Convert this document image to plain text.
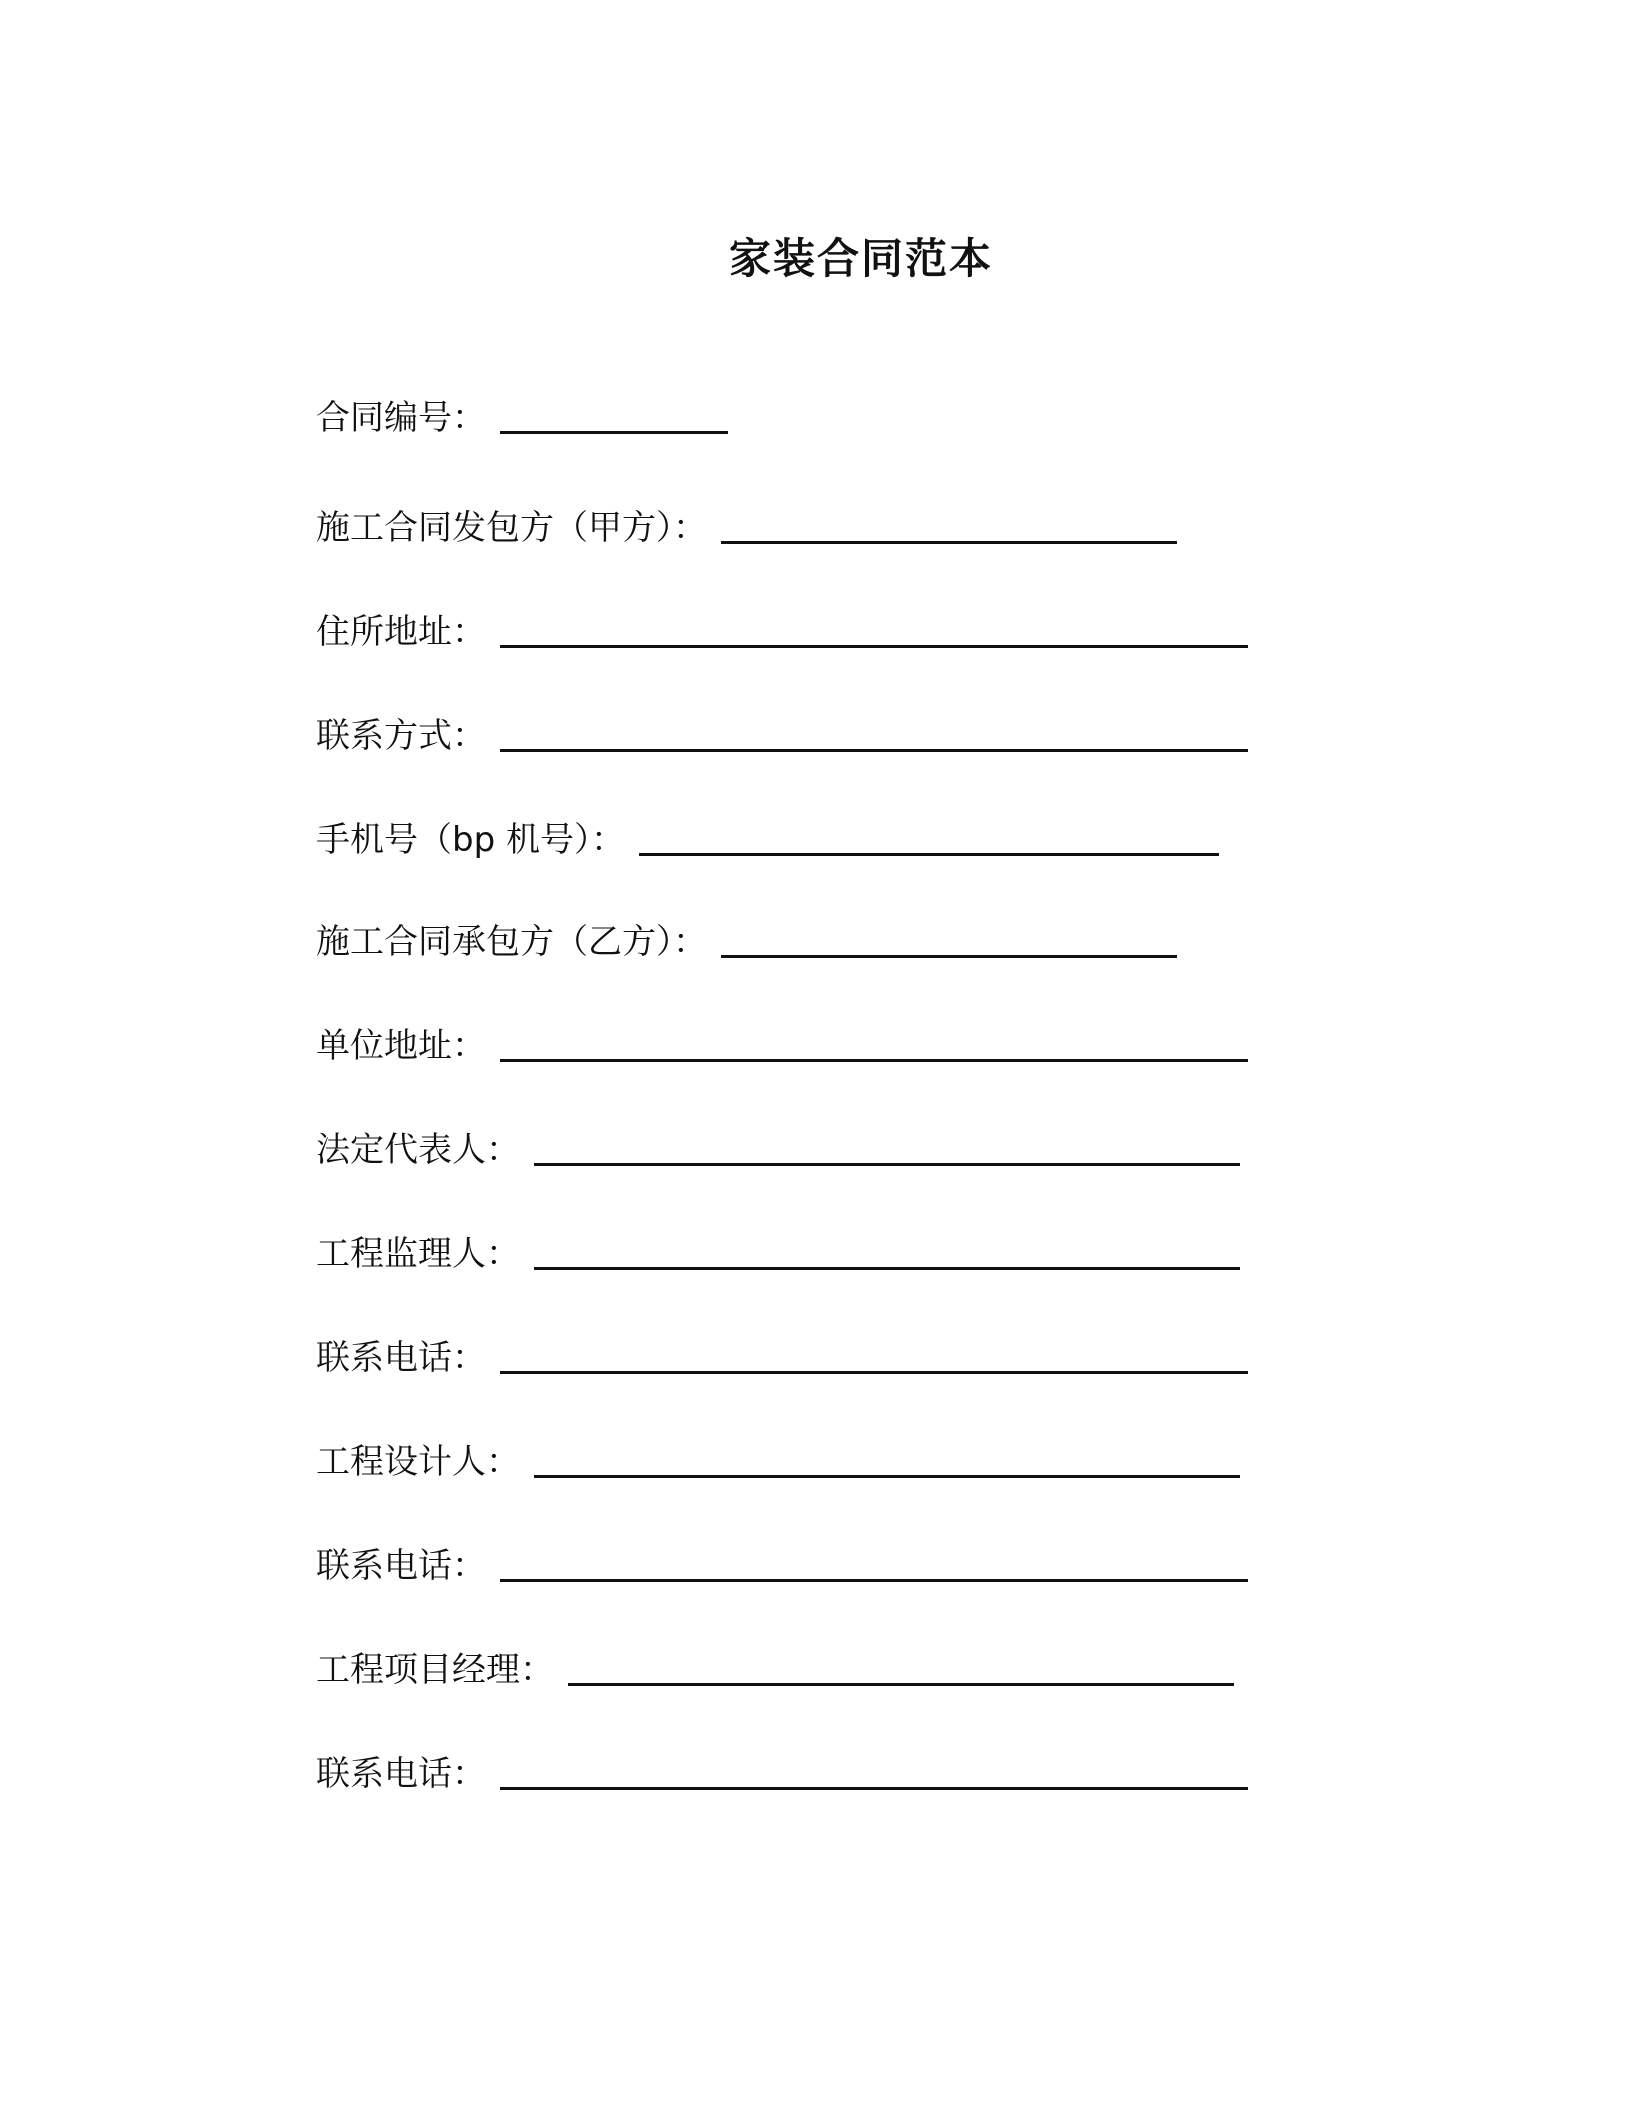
家装合同范本
合同编号：
施工合同发包方（甲方）：
住所地址：
联系方式：
手机号（bp 机号）：
施工合同承包方（乙方）：
单位地址：
法定代表人：
工程监理人：
联系电话：
工程设计人：
联系电话：
工程项目经理：
联系电话：
